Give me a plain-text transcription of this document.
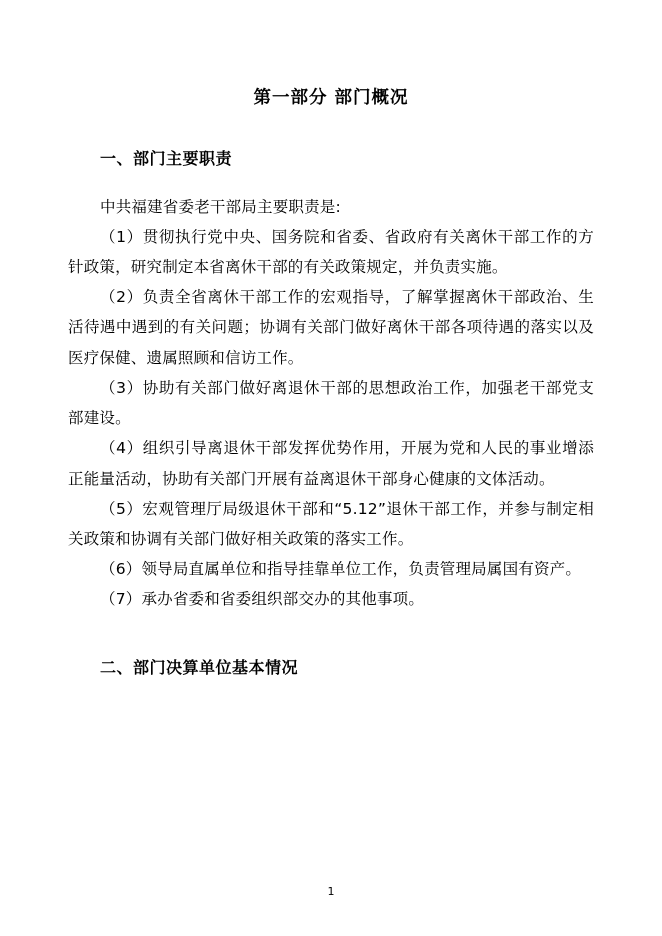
第一部分 部门概况
一、部门主要职责

中共福建省委老干部局主要职责是:

（1）贯彻执行党中央、国务院和省委、省政府有关离休干部工作的方针政策，研究制定本省离休干部的有关政策规定，并负责实施。

（2）负责全省离休干部工作的宏观指导，了解掌握离休干部政治、生活待遇中遇到的有关问题；协调有关部门做好离休干部各项待遇的落实以及医疗保健、遗属照顾和信访工作。

（3）协助有关部门做好离退休干部的思想政治工作，加强老干部党支部建设。

（4）组织引导离退休干部发挥优势作用，开展为党和人民的事业增添正能量活动，协助有关部门开展有益离退休干部身心健康的文体活动。

（5）宏观管理厅局级退休干部和“5.12”退休干部工作，并参与制定相关政策和协调有关部门做好相关政策的落实工作。

（6）领导局直属单位和指导挂靠单位工作，负责管理局属国有资产。

（7）承办省委和省委组织部交办的其他事项。

二、部门决算单位基本情况
1
